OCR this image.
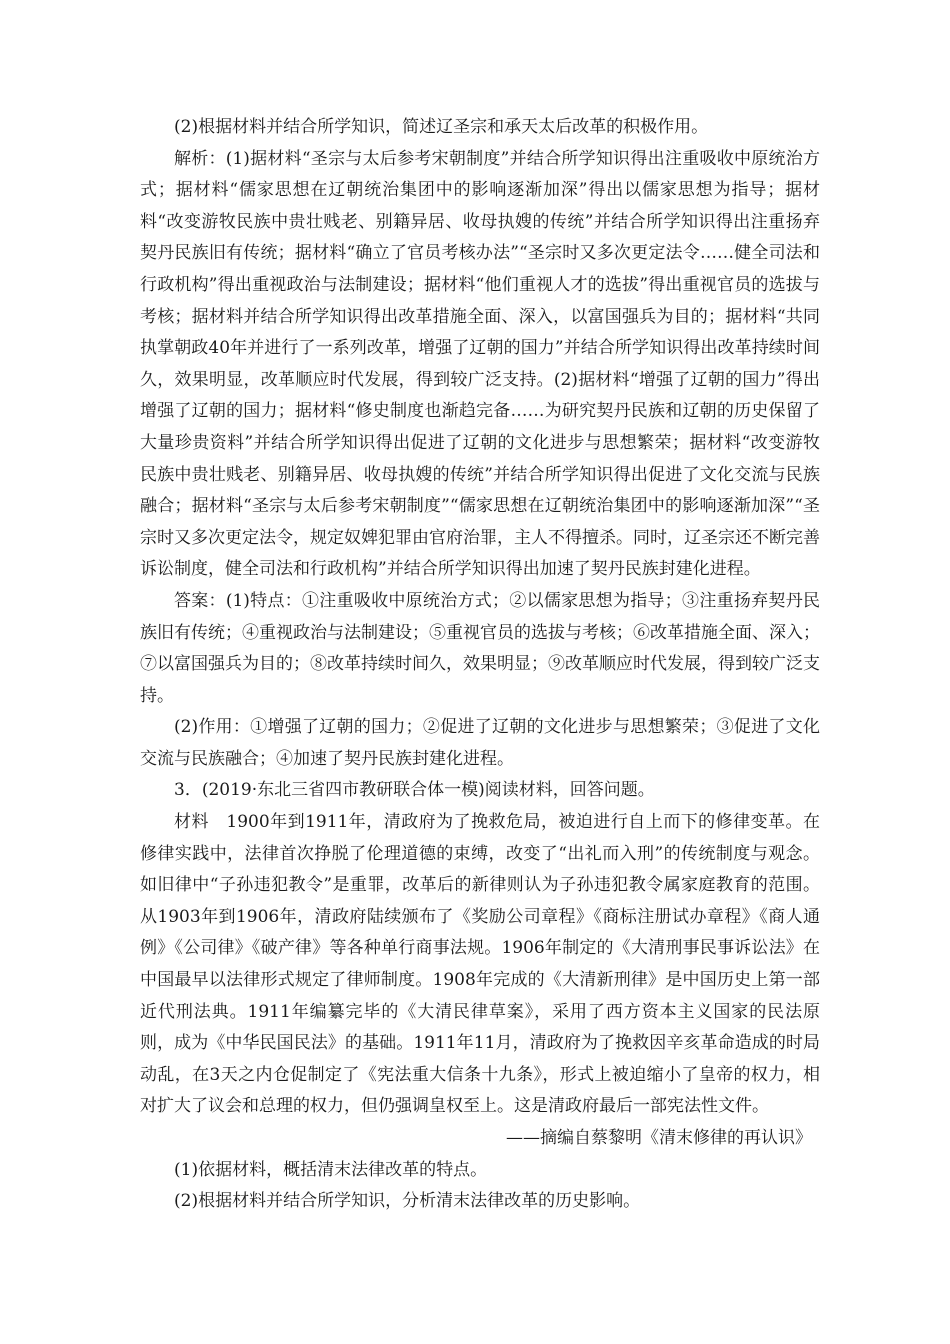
(2)根据材料并结合所学知识，简述辽圣宗和承天太后改革的积极作用。

解析：(1)据材料“圣宗与太后参考宋朝制度”并结合所学知识得出注重吸收中原统治方式；据材料“儒家思想在辽朝统治集团中的影响逐渐加深”得出以儒家思想为指导；据材料“改变游牧民族中贵壮贱老、别籍异居、收母执嫂的传统”并结合所学知识得出注重扬弃契丹民族旧有传统；据材料“确立了官员考核办法”“圣宗时又多次更定法令……健全司法和行政机构”得出重视政治与法制建设；据材料“他们重视人才的选拔”得出重视官员的选拔与考核；据材料并结合所学知识得出改革措施全面、深入，以富国强兵为目的；据材料“共同执掌朝政40年并进行了一系列改革，增强了辽朝的国力”并结合所学知识得出改革持续时间久，效果明显，改革顺应时代发展，得到较广泛支持。(2)据材料“增强了辽朝的国力”得出增强了辽朝的国力；据材料“修史制度也渐趋完备……为研究契丹民族和辽朝的历史保留了大量珍贵资料”并结合所学知识得出促进了辽朝的文化进步与思想繁荣；据材料“改变游牧民族中贵壮贱老、别籍异居、收母执嫂的传统”并结合所学知识得出促进了文化交流与民族融合；据材料“圣宗与太后参考宋朝制度”“儒家思想在辽朝统治集团中的影响逐渐加深”“圣宗时又多次更定法令，规定奴婢犯罪由官府治罪，主人不得擅杀。同时，辽圣宗还不断完善诉讼制度，健全司法和行政机构”并结合所学知识得出加速了契丹民族封建化进程。

答案：(1)特点：①注重吸收中原统治方式；②以儒家思想为指导；③注重扬弃契丹民族旧有传统；④重视政治与法制建设；⑤重视官员的选拔与考核；⑥改革措施全面、深入；⑦以富国强兵为目的；⑧改革持续时间久，效果明显；⑨改革顺应时代发展，得到较广泛支持。

(2)作用：①增强了辽朝的国力；②促进了辽朝的文化进步与思想繁荣；③促进了文化交流与民族融合；④加速了契丹民族封建化进程。

3．(2019·东北三省四市教研联合体一模)阅读材料，回答问题。

材料　1900年到1911年，清政府为了挽救危局，被迫进行自上而下的修律变革。在修律实践中，法律首次挣脱了伦理道德的束缚，改变了“出礼而入刑”的传统制度与观念。如旧律中“子孙违犯教令”是重罪，改革后的新律则认为子孙违犯教令属家庭教育的范围。从1903年到1906年，清政府陆续颁布了《奖励公司章程》《商标注册试办章程》《商人通例》《公司律》《破产律》等各种单行商事法规。1906年制定的《大清刑事民事诉讼法》在中国最早以法律形式规定了律师制度。1908年完成的《大清新刑律》是中国历史上第一部近代刑法典。1911年编纂完毕的《大清民律草案》，采用了西方资本主义国家的民法原则，成为《中华民国民法》的基础。1911年11月，清政府为了挽救因辛亥革命造成的时局动乱，在3天之内仓促制定了《宪法重大信条十九条》，形式上被迫缩小了皇帝的权力，相对扩大了议会和总理的权力，但仍强调皇权至上。这是清政府最后一部宪法性文件。

——摘编自蔡黎明《清末修律的再认识》

(1)依据材料，概括清末法律改革的特点。

(2)根据材料并结合所学知识，分析清末法律改革的历史影响。
